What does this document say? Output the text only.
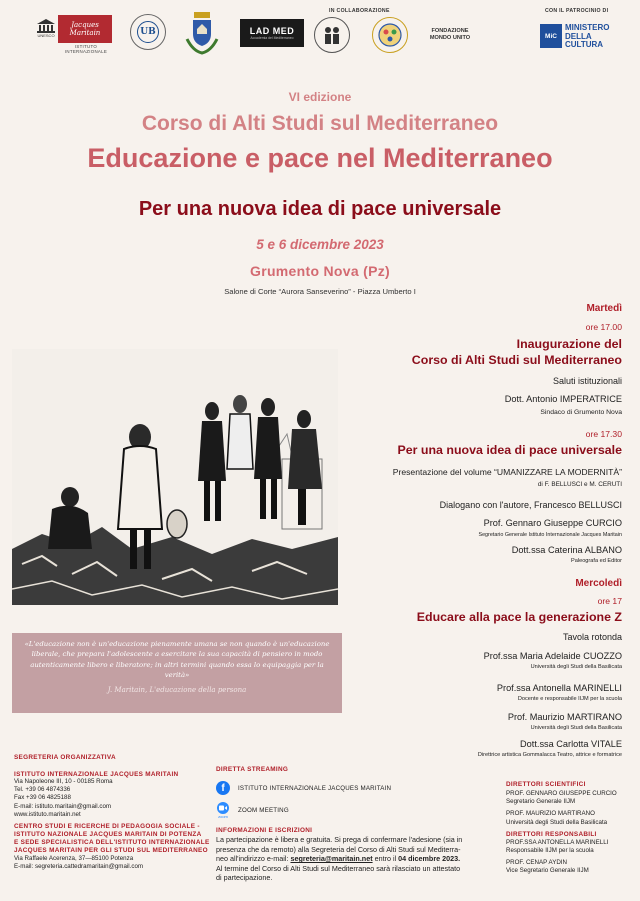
UNESCO
Jacques Maritain
ISTITUTO INTERNAZIONALE
UB	LAD MED
Accademia del Mediterraneo
IN COLLABORAZIONE
FONDAZIONE MONDO UNITO
CON IL PATROCINIO DI
MiC
MINISTERO
DELLA
CULTURA
VI edizione
Corso di Alti Studi sul Mediterraneo
Educazione e pace nel Mediterraneo
Per una nuova idea di pace universale
5 e 6 dicembre 2023
Grumento Nova (Pz)
Salone di Corte “Aurora Sanseverino” - Piazza Umberto I
«L'educazione non è un'educazione pienamente umana se non quando è un'educazione liberale, che prepara l'adolescente a esercitare la sua capacità di pensiero in modo autenticamente libero e liberatore; in altri termini quando essa lo equipaggia per la verità»
J. Maritain, L'educazione della persona
Martedì
ore 17.00
Inaugurazione del
Corso di Alti Studi sul Mediterraneo
Saluti istituzionali
Dott. Antonio IMPERATRICE
Sindaco di Grumento Nova
ore 17.30
Per una nuova idea di pace universale
Presentazione del volume “UMANIZZARE LA MODERNITÀ”
di F. BELLUSCI e M. CERUTI
Dialogano con l'autore, Francesco BELLUSCI
Prof. Gennaro Giuseppe CURCIO
Segretario Generale Istituto Internazionale Jacques Maritain
Dott.ssa Caterina ALBANO
Paleografa ed Editor
Mercoledì
ore 17
Educare alla pace la generazione Z
Tavola rotonda
Prof.ssa Maria Adelaide CUOZZO
Università degli Studi della Basilicata
Prof.ssa Antonella MARINELLI
Docente e responsabile IIJM per la scuola
Prof. Maurizio MARTIRANO
Università degli Studi della Basilicata
Dott.ssa Carlotta VITALE
Direttrice artistica Gommalacca Teatro, attrice e formatrice
SEGRETERIA ORGANIZZATIVA
ISTITUTO INTERNAZIONALE JACQUES MARITAIN
Via Napoleone III, 10 - 00185 Roma
Tel. +39 06 4874336
Fax +39 06 4825188
E-mail: istituto.maritain@gmail.com
www.istituto.maritain.net
CENTRO STUDI E RICERCHE DI PEDAGOGIA SOCIALE -
ISTITUTO NAZIONALE JACQUES MARITAIN DI POTENZA
E SEDE SPECIALISTICA DELL'ISTITUTO INTERNAZIONALE
JACQUES MARITAIN PER GLI STUDI SUL MEDITERRANEO
Via Raffaele Acerenza, 37—85100 Potenza
E-mail: segreteria.cattedramaritain@gmail.com
DIRETTA STREAMING
f	ISTITUTO INTERNAZIONALE JACQUES MARITAIN
zoom
ZOOM MEETING
INFORMAZIONI E ISCRIZIONI
La partecipazione è libera e gratuita. Si prega di confermare l'adesione (sia in
presenza che da remoto) alla Segreteria del Corso di Alti Studi sul Mediterra-
neo all'indirizzo e-mail: segreteria@maritain.net entro il 04 dicembre 2023.
Al termine del Corso di Alti Studi sul Mediterraneo sarà rilasciato un attestato
di partecipazione.
DIRETTORI SCIENTIFICI
PROF. GENNARO GIUSEPPE CURCIO
Segretario Generale IIJM
PROF. MAURIZIO MARTIRANO
Università degli Studi della Basilicata
DIRETTORI RESPONSABILI
PROF.SSA ANTONELLA MARINELLI
Responsabile IIJM per la scuola
PROF. CENAP AYDIN
Vice Segretario Generale IIJM
